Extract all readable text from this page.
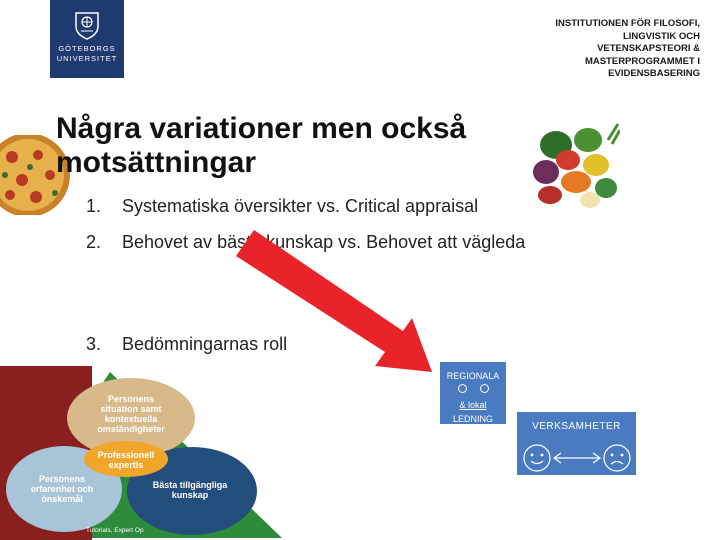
GÖTEBORGS
UNIVERSITET
INSTITUTIONEN FÖR FILOSOFI,
LINGVISTIK OCH
VETENSKAPSTEORI &
MASTERPROGRAMMET I
EVIDENSBASERING
Några variationer men också
motsättningar
1. Systematiska översikter vs. Critical appraisal
2. Behovet av bästa kunskap vs. Behovet att vägleda
3. Bedömningarnas roll
Personens
situation samt
kontextuella
omständigheter
Professionell
expertis
Personens
erfarenhet och
önskemål
Bästa tillgängliga
kunskap
Tutorials, Expert Op
REGIONALA
& lokal
LEDNING
VERKSAMHETER
